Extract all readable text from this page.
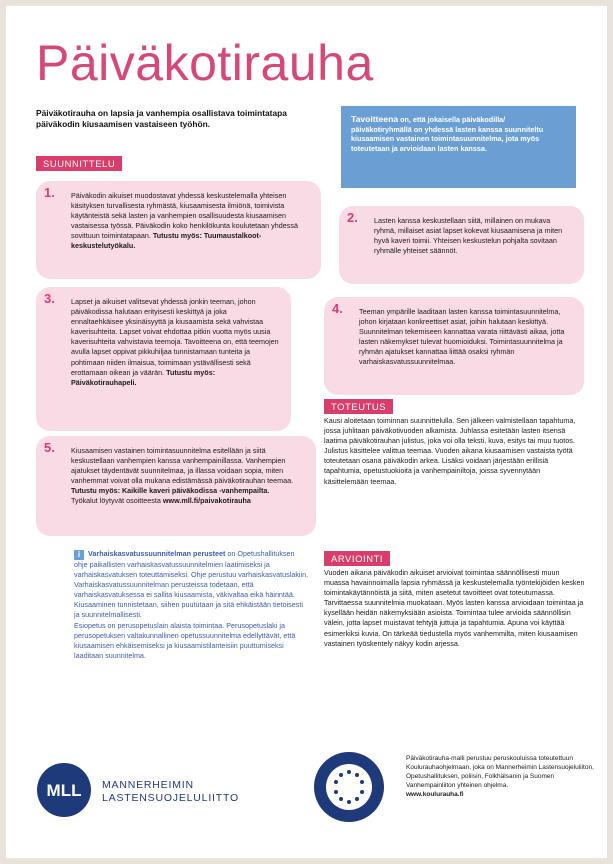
Päiväkotirauha
Päiväkotirauha on lapsia ja vanhempia osallistava toimintatapa päiväkodin kiusaamisen vastaiseen työhön.	Tavoitteena on, että jokaisella päiväkodilla/ päiväkotiryhmällä on yhdessä lasten kanssa suunniteltu kiusaamisen vastainen toimintasuunnitelma, jota myös toteutetaan ja arvioidaan lasten kanssa.
SUUNNITTELU
1. Päiväkodin aikuiset muodostavat yhdessä keskustelemalla yhteisen käsityksen turvallisesta ryhmästä, kiusaamisesta ilmiönä, toimivista käytänteistä sekä lasten ja vanhempien osallisuudesta kiusaamisen vastaisessa työssä. Päiväkodin koko henkilökunta koulutetaan yhdessä sovittuun toimintatapaan. Tutustu myös: Tuumaustalkoot-keskustelutyökalu.
2. Lasten kanssa keskustellaan siitä, millainen on mukava ryhmä, millaiset asiat lapset kokevat kiusaamisena ja miten hyvä kaveri toimii. Yhteisen keskustelun pohjalta sovitaan ryhmälle yhteiset säännöt.
3. Lapset ja aikuiset valitsevat yhdessä jonkin teeman, johon päiväkodissa halutaan erityisesti keskittyä ja joka ennaltaehkäisee yksinäisyyttä ja kiusaamista sekä vahvistaa kaverisuhteita. Lapset voivat ehdottaa pitkin vuotta myös uusia kaverisuhteita vahvistavia teemoja. Tavoitteena on, että teemojen avulla lapset oppivat pikkuhiljaa tunnistamaan tunteita ja pohtimaan niiden ilmaisua, toimimaan ystävällisesti sekä erottamaan oikean ja väärän. Tutustu myös: Päiväkotirauhapeli.
4. Teeman ympärille laaditaan lasten kanssa toimintasuunnitelma, johon kirjataan konkreettiset asiat, joihin halutaan keskittyä. Suunnitelman tekemiseen kannattaa varata riittävästi aikaa, jotta lasten näkemykset tulevat huomioiduksi. Toimintasuunnitelma ja ryhmän ajatukset kannattaa liittää osaksi ryhmän varhaiskasvatussuunnitelmaa.
5. Kiusaamisen vastainen toimintasuunnitelma esitellään ja siitä keskustellaan vanhempien kanssa vanhempainillassa. Vanhempien ajatukset täydentävät suunnitelmaa, ja illassa voidaan sopia, miten vanhemmat voivat olla mukana edistämässä päiväkotirauhan teemaa. Tutustu myös: Kaikille kaveri päiväkodissa -vanhempailta.
Työkalut löytyvät osoitteesta www.mll.fi/paivakotirauha
i Varhaiskasvatussuunnitelman perusteet on Opetushallituksen ohje paikallisten varhaiskasvatussuunnitelmien laatimiseksi ja varhaiskasvatuksen toteuttamiseksi. Ohje perustuu varhaiskasvatuslakiin. Varhaiskasvatussuunnitelman perusteissa todetaan, että varhaiskasvatuksessa ei sallita kiusaamista, väkivaltaa eikä häirintää. Kiusaaminen tunnistetaan, siihen puututaan ja sitä ehkäistään tietoisesti ja suunnitelmallisesti.
Esiopetus on perusopetuslain alaista toimintaa. Perusopetuslaki ja perusopetuksen valtakunnallinen opetussuunnitelma edellyttävät, että kiusaamisen ehkäisemiseksi ja kiusaamistilanteisiin puuttumiseksi laaditaan suunnitelma.
TOTEUTUS
Kausi aloitetaan toiminnan suunnittelulla. Sen jälkeen valmistellaan tapahtuma, jossa juhlitaan päiväkotivuoden alkamista. Juhlassa esitetään lasten itsensä laatima päiväkotirauhan julistus, joka voi olla teksti, kuva, esitys tai muu tuotos. Julistus käsittelee valittua teemaa. Vuoden aikana kiusaamisen vastaista työtä toteutetaan osana päiväkodin arkea. Lisäksi voidaan järjestään erillisiä tapahtumia, opetustuokioita ja vanhempainiltoja, joissa syvennytään käsittelemään teemaa.
ARVIOINTI
Vuoden aikana päiväkodin aikuiset arvioivat toimintaa säännöllisesti muun muassa havainnoimalla lapsia ryhmässä ja keskustelemalla työntekijöiden kesken toimintakäytännöistä ja siitä, miten asetetut tavoitteet ovat toteutumassa. Tarvittaessa suunnitelmia muokataan. Myös lasten kanssa arvioidaan toimintaa ja kysellään heidän näkemyksiään asioista. Toimintaa tulee arvioida säännöllisin välein, jotta lapset muistavat tehtyjä juttuja ja tapahtumia. Apuna voi käyttää esimerkiksi kuvia. On tärkeää tiedustella myös vanhemmilta, miten kiusaamisen vastainen työskentely näkyy kodin arjessa.
MLL MANNERHEIMIN
LASTENSUOJELULIITTO
Päiväkotirauha-malli perustuu peruskouluissa toteutettuun Koulurauhaohjelmaan, joka on Mannerheimin Lastensuojeluliiton, Opetushallituksen, poliisin, Folkhälsanin ja Suomen Vanhempainliiton yhteinen ohjelma.
www.koulurauha.fi
